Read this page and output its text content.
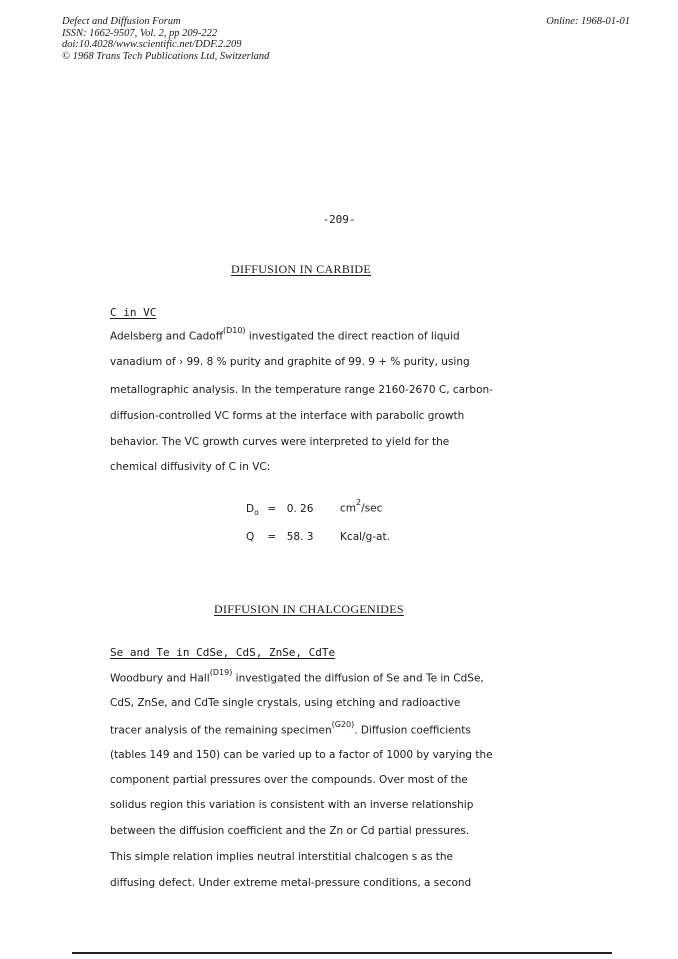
Defect and Diffusion Forum
ISSN: 1662-9507, Vol. 2, pp 209-222
doi:10.4028/www.scientific.net/DDF.2.209
© 1968 Trans Tech Publications Ltd, Switzerland
Online: 1968-01-01
-209-
DIFFUSION IN CARBIDE
C in VC
Adelsberg and Cadoff$^{(D10)}$ investigated the direct reaction of liquid
vanadium of › 99. 8 % purity and graphite of 99. 9 + % purity, using
metallographic analysis. In the temperature range 2160-2670 C, carbon-
diffusion-controlled VC forms at the interface with parabolic growth
behavior. The VC growth curves were interpreted to yield for the
chemical diffusivity of C in VC:
$D_o = 0$. 26	$cm^2/\sec$
Q = 58. 3	Kcal/g-at.
DIFFUSION IN CHALCOGENIDES
Se and Te in CdSe, CdS, ZnSe, CdTe
Woodbury and Hall$^{(D19)}$ investigated the diffusion of Se and Te in CdSe,
CdS, ZnSe, and CdTe single crystals, using etching and radioactive
tracer analysis of the remaining specimen$^{(G20)}$. Diffusion coefficients
(tables 149 and 150) can be varied up to a factor of 1000 by varying the
component partial pressures over the compounds. Over most of the
solidus region this variation is consistent with an inverse relationship
between the diffusion coefficient and the Zn or Cd partial pressures.
This simple relation implies neutral interstitial chalcogen s as the
diffusing defect. Under extreme metal-pressure conditions, a second
